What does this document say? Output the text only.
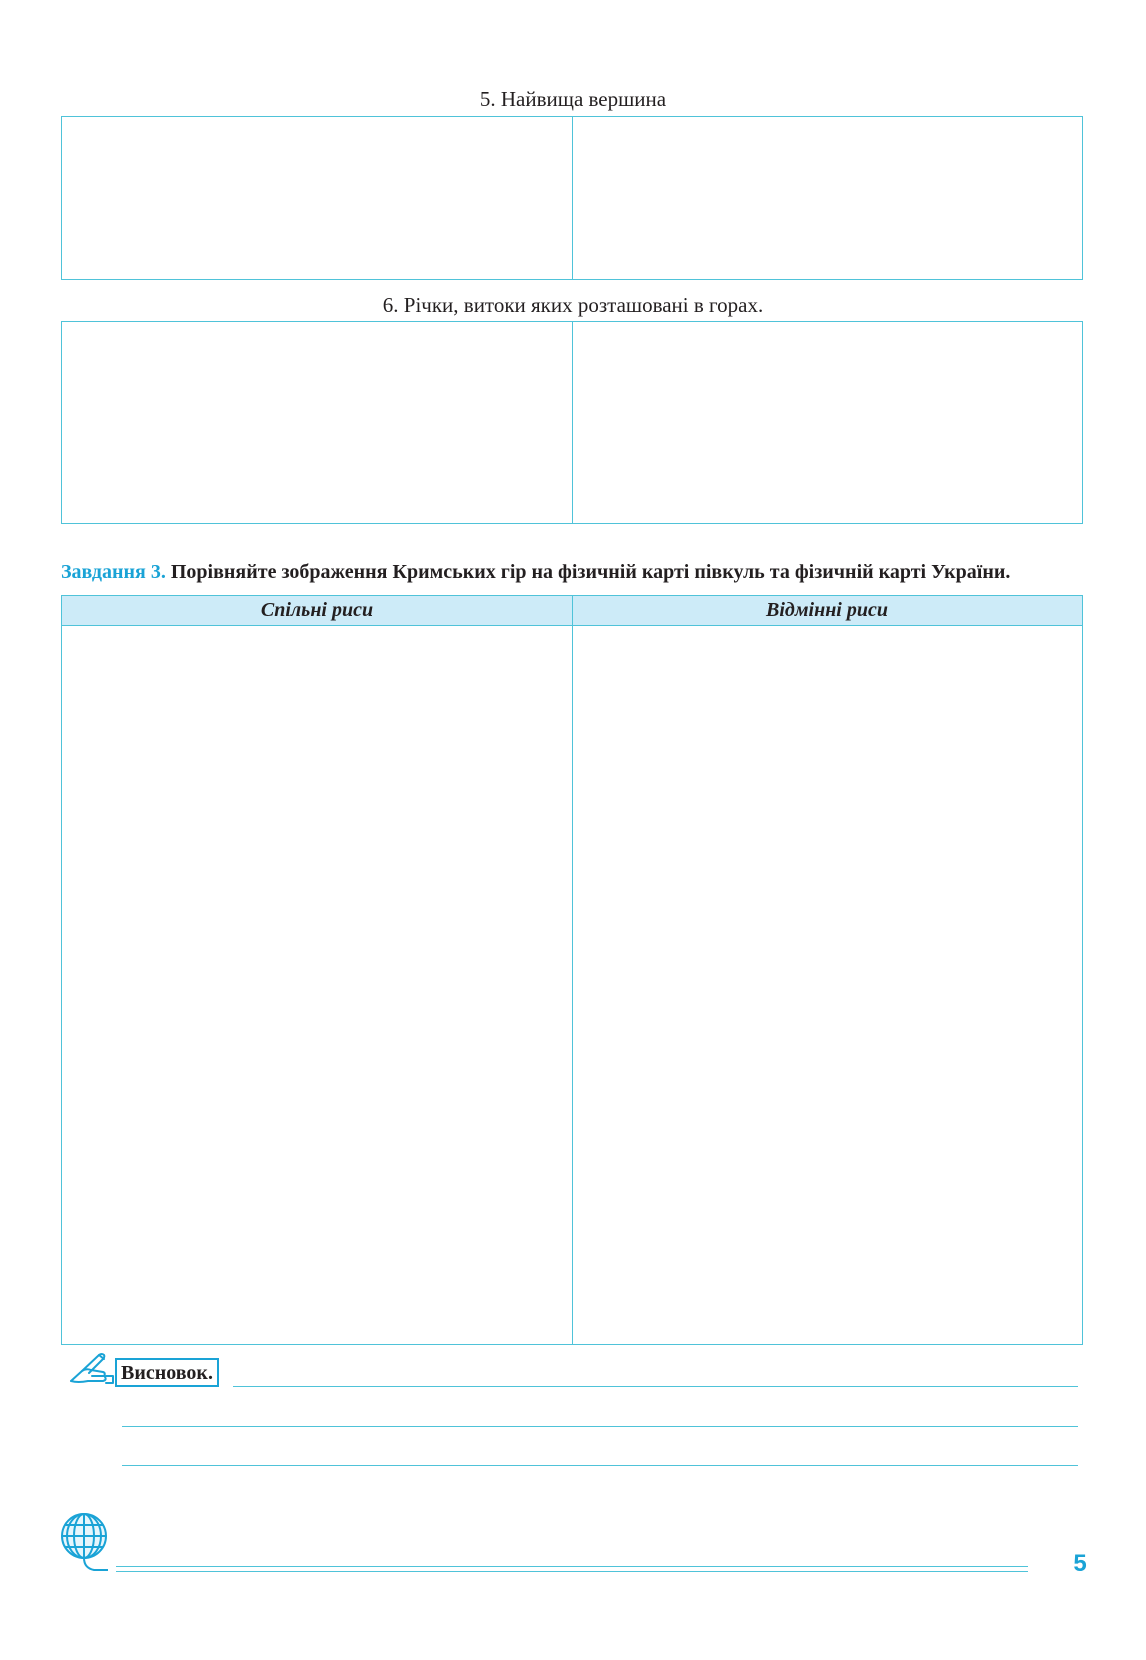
5. Найвища вершина
6. Річки, витоки яких розташовані в горах.
Завдання 3. Порівняйте зображення Кримських гір на фізичній карті півкуль та фізичній карті України.
Спільні риси	Відмінні риси
Висновок.
5
